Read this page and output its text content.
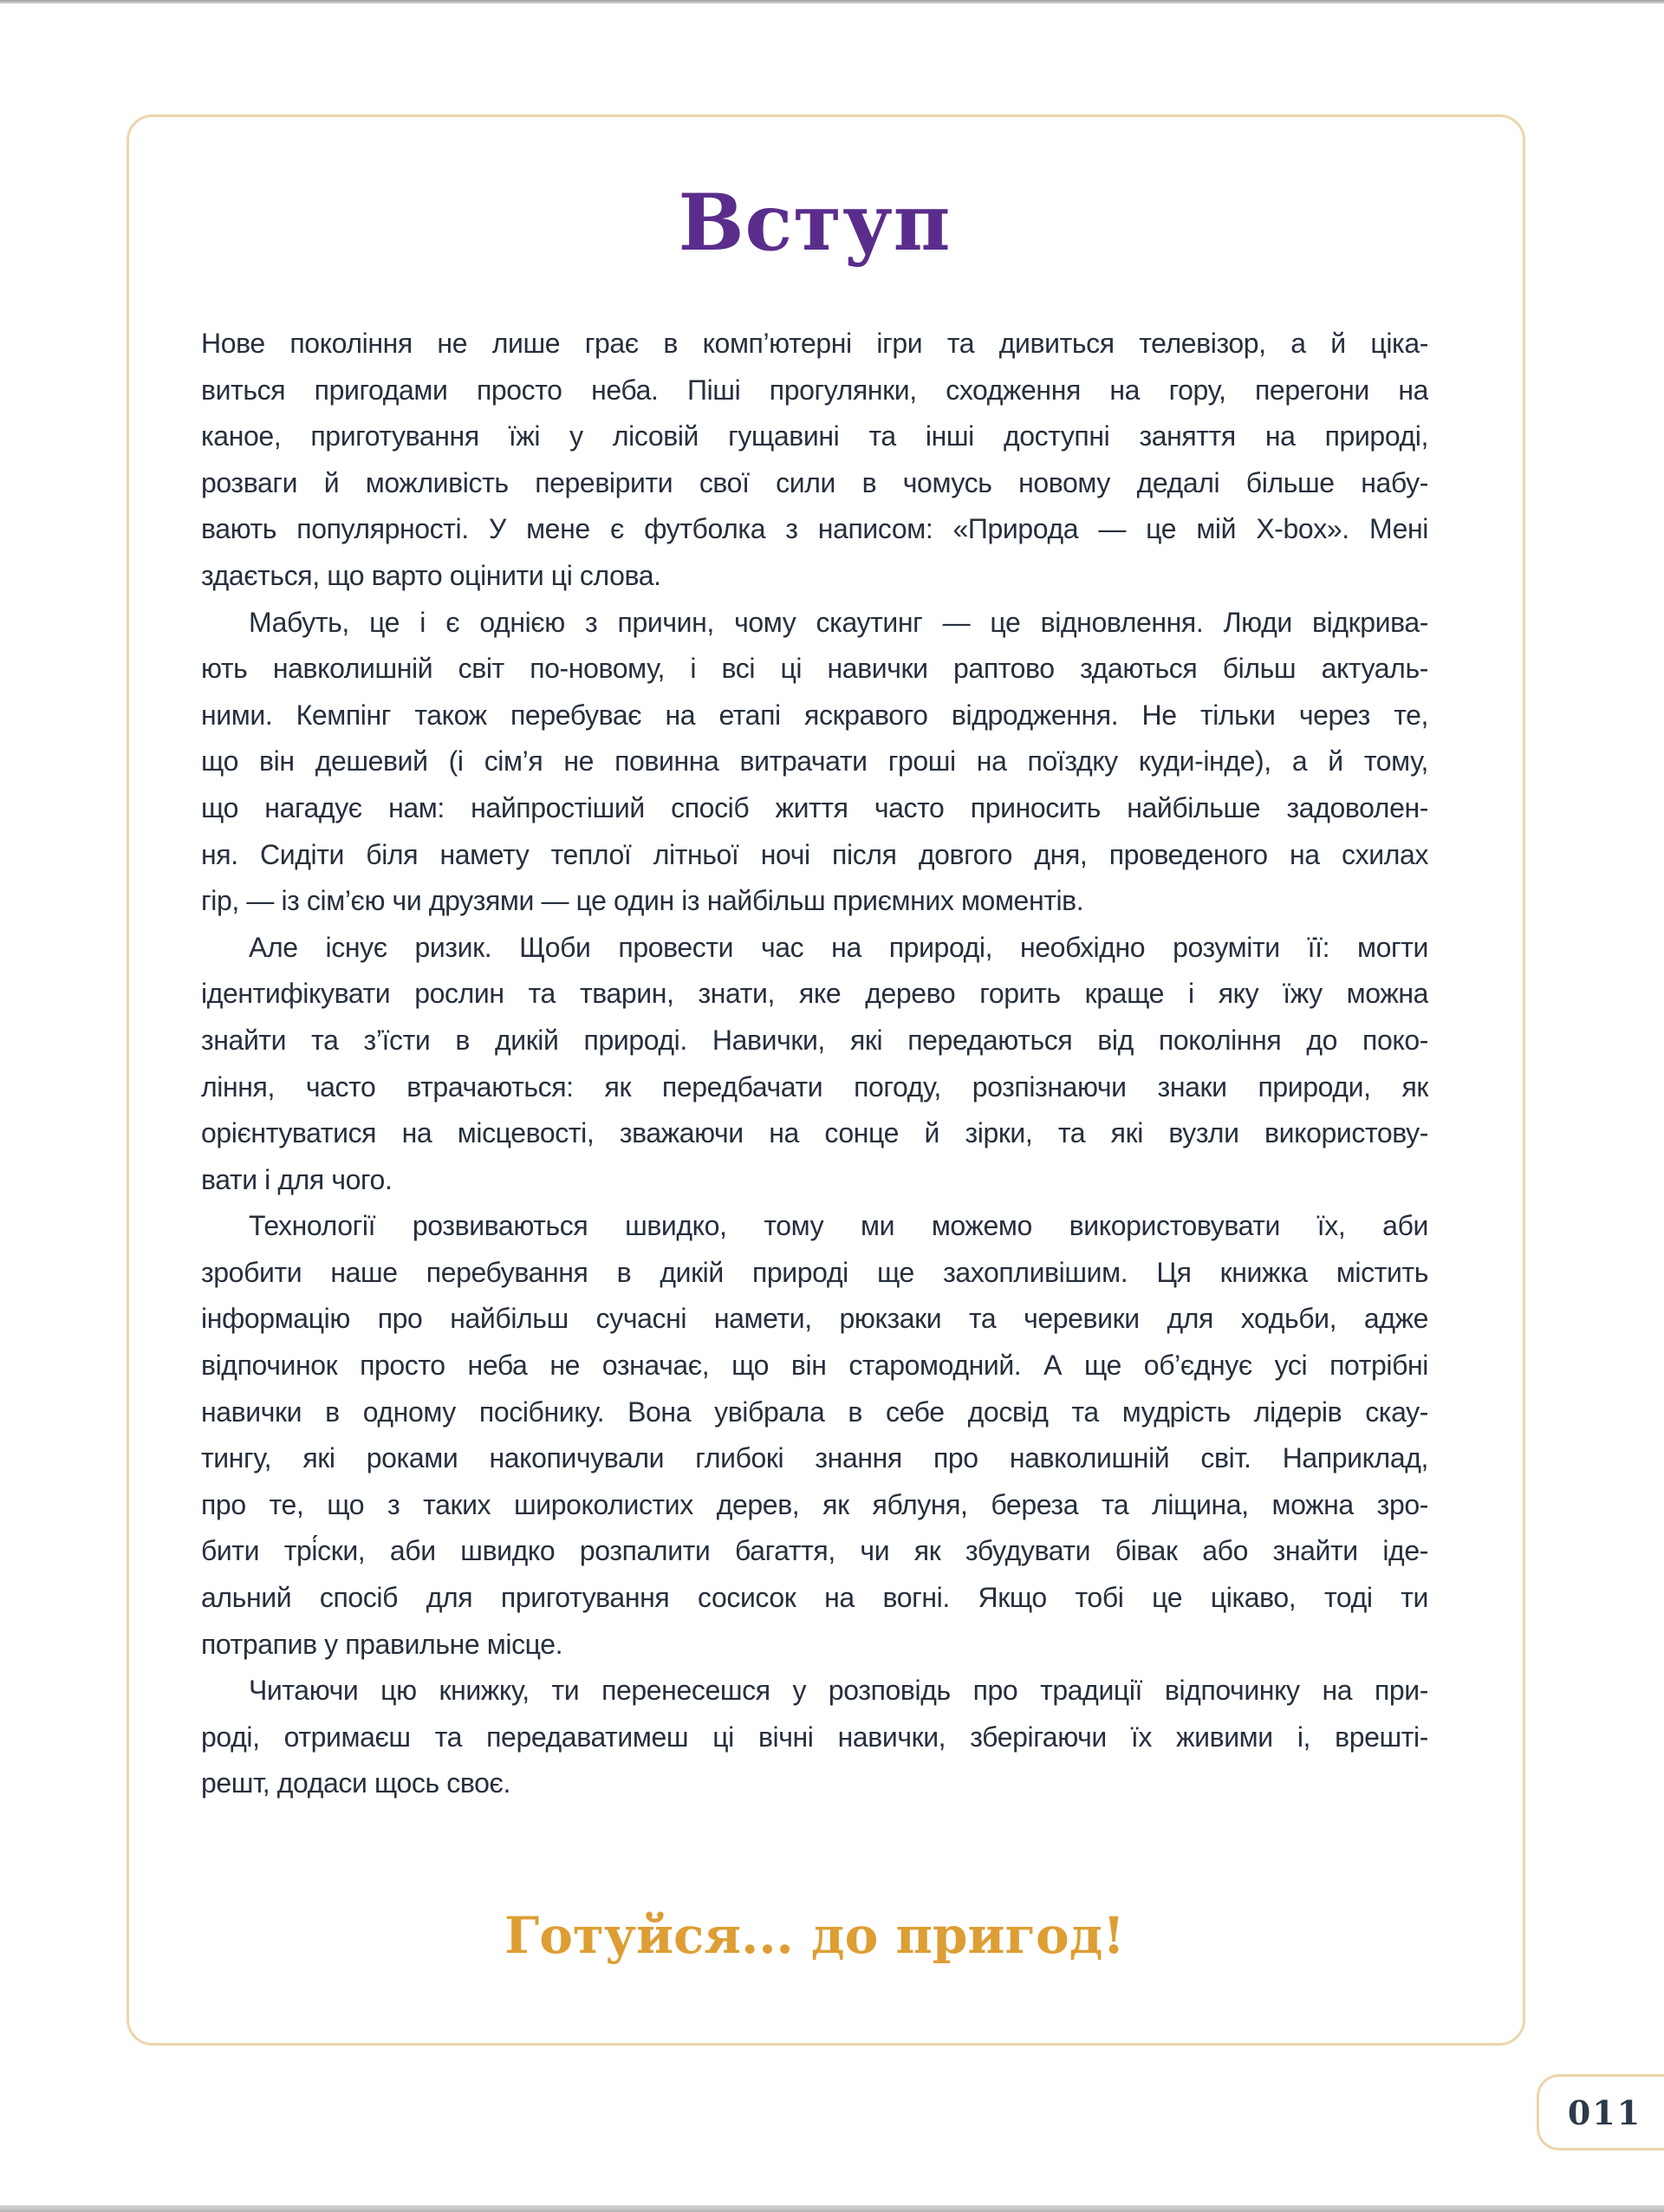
Вступ
Нове покоління не лише грає в комп’ютерні ігри та дивиться телевізор, а й ціка-
виться пригодами просто неба. Піші прогулянки, сходження на гору, перегони на
каное, приготування їжі у лісовій гущавині та інші доступні заняття на природі,
розваги й можливість перевірити свої сили в чомусь новому дедалі більше набу-
вають популярності. У мене є футболка з написом: «Природа — це мій X-box». Мені
здається, що варто оцінити ці слова.
Мабуть, це і є однією з причин, чому скаутинг — це відновлення. Люди відкрива-
ють навколишній світ по-новому, і всі ці навички раптово здаються більш актуаль-
ними. Кемпінг також перебуває на етапі яскравого відродження. Не тільки через те,
що він дешевий (і сім’я не повинна витрачати гроші на поїздку куди-інде), а й тому,
що нагадує нам: найпростіший спосіб життя часто приносить найбільше задоволен-
ня. Сидіти біля намету теплої літньої ночі після довгого дня, проведеного на схилах
гір, — із сім’єю чи друзями — це один із найбільш приємних моментів.
Але існує ризик. Щоби провести час на природі, необхідно розуміти її: могти
ідентифікувати рослин та тварин, знати, яке дерево горить краще і яку їжу можна
знайти та з’їсти в дикій природі. Навички, які передаються від покоління до поко-
ління, часто втрачаються: як передбачати погоду, розпізнаючи знаки природи, як
орієнтуватися на місцевості, зважаючи на сонце й зірки, та які вузли використову-
вати і для чого.
Технології розвиваються швидко, тому ми можемо використовувати їх, аби
зробити наше перебування в дикій природі ще захопливішим. Ця книжка містить
інформацію про найбільш сучасні намети, рюкзаки та черевики для ходьби, адже
відпочинок просто неба не означає, що він старомодний. А ще об’єднує усі потрібні
навички в одному посібнику. Вона увібрала в себе досвід та мудрість лідерів скау-
тингу, які роками накопичували глибокі знання про навколишній світ. Наприклад,
про те, що з таких широколистих дерев, як яблуня, береза та ліщина, можна зро-
бити трі́ски, аби швидко розпалити багаття, чи як збудувати бівак або знайти іде-
альний спосіб для приготування сосисок на вогні. Якщо тобі це цікаво, тоді ти
потрапив у правильне місце.
Читаючи цю книжку, ти перенесешся у розповідь про традиції відпочинку на при-
роді, отримаєш та передаватимеш ці вічні навички, зберігаючи їх живими і, врешті-
решт, додаси щось своє.
Готуйся... до пригод!
011
